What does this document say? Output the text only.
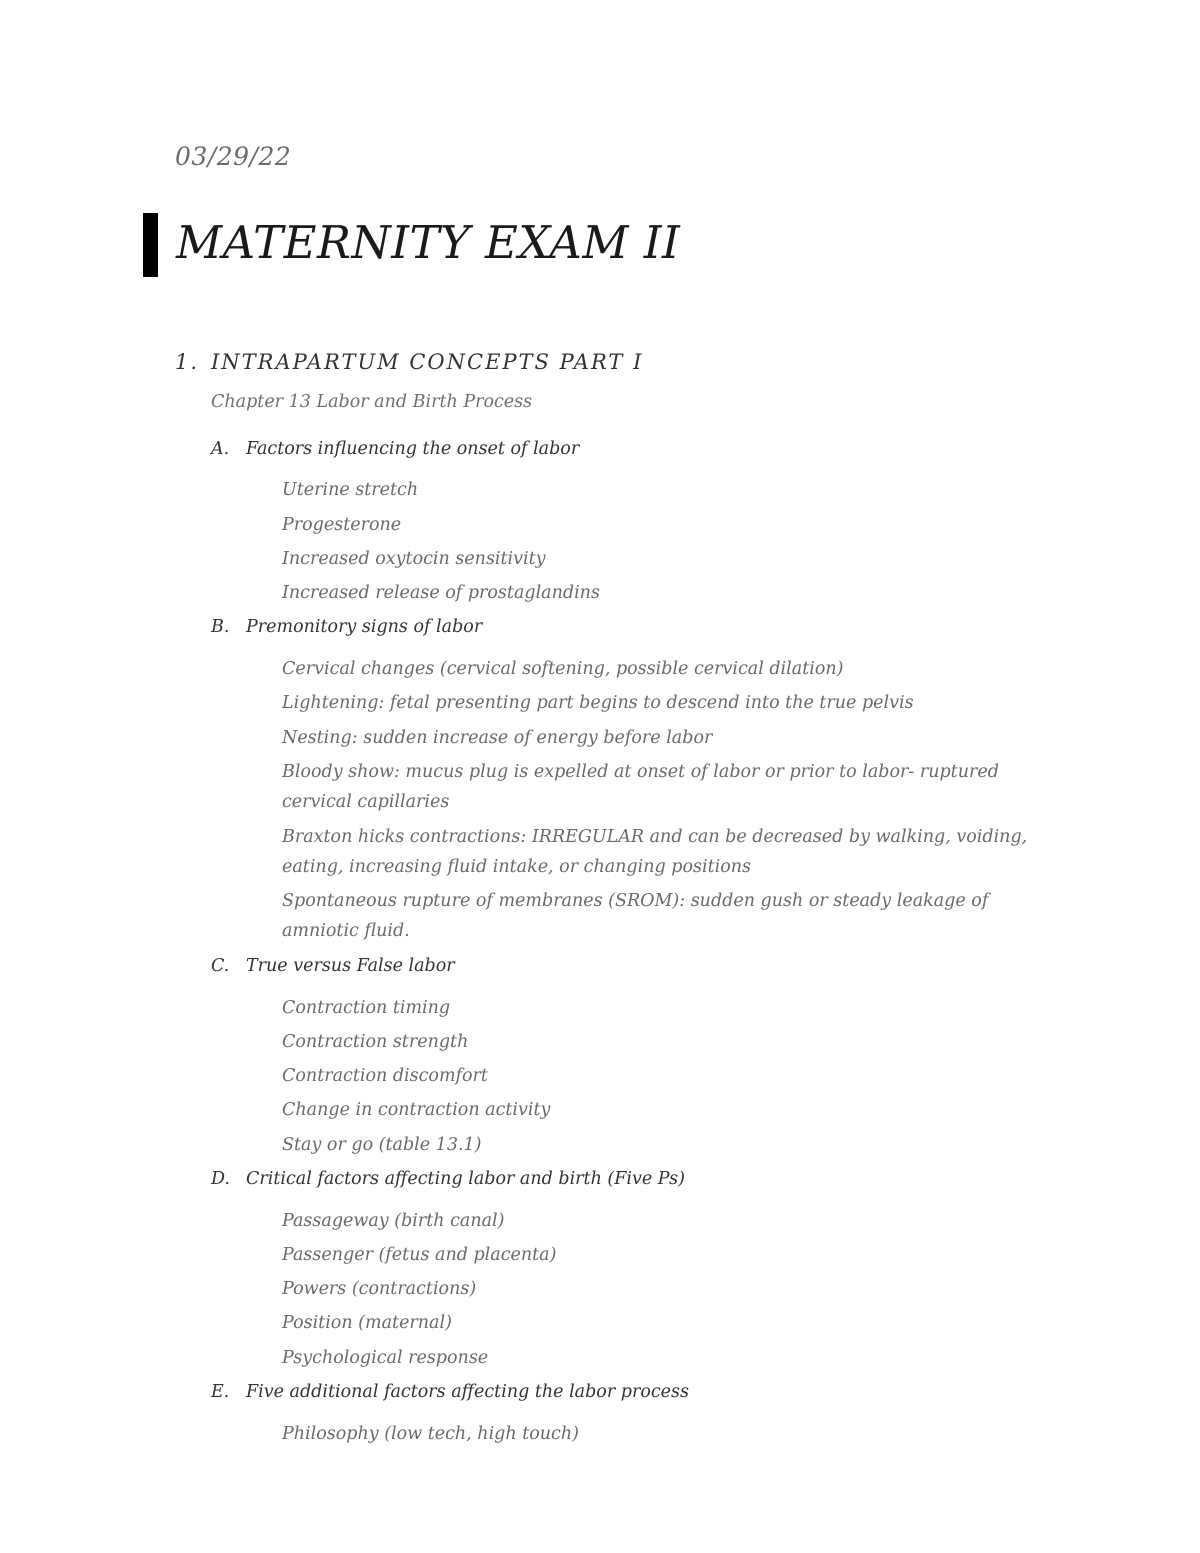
03/29/22
MATERNITY EXAM II
1. INTRAPARTUM CONCEPTS PART I
Chapter 13 Labor and Birth Process
A. Factors influencing the onset of labor
Uterine stretch
Progesterone
Increased oxytocin sensitivity
Increased release of prostaglandins
B. Premonitory signs of labor
Cervical changes (cervical softening, possible cervical dilation)
Lightening: fetal presenting part begins to descend into the true pelvis
Nesting: sudden increase of energy before labor
Bloody show: mucus plug is expelled at onset of labor or prior to labor- ruptured
cervical capillaries
Braxton hicks contractions: IRREGULAR and can be decreased by walking, voiding,
eating, increasing fluid intake, or changing positions
Spontaneous rupture of membranes (SROM): sudden gush or steady leakage of
amniotic fluid.
C. True versus False labor
Contraction timing
Contraction strength
Contraction discomfort
Change in contraction activity
Stay or go (table 13.1)
D. Critical factors affecting labor and birth (Five Ps)
Passageway (birth canal)
Passenger (fetus and placenta)
Powers (contractions)
Position (maternal)
Psychological response
E. Five additional factors affecting the labor process
Philosophy (low tech, high touch)
